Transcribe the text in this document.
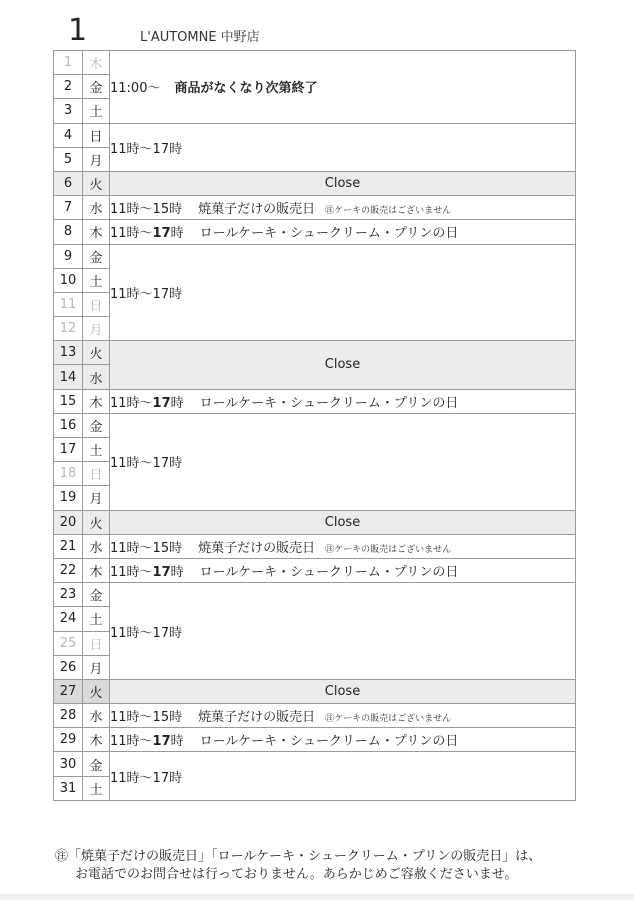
1	L'AUTOMNE 中野店
1	木	11:00〜 商品がなくなり次第終了
2	金	
3	土	
4	日	11時〜17時
5	月	
6	火	Close
7	水	11時〜15時 焼菓子だけの販売日 ㊟ケーキの販売はございません
8	木	11時〜17時 ロールケーキ・シュークリーム・プリンの日
9	金	11時〜17時
10	土	
11	日	
12	月	
13	火	Close
14	水	
15	木	11時〜17時 ロールケーキ・シュークリーム・プリンの日
16	金	11時〜17時
17	土	
18	日	
19	月	
20	火	Close
21	水	11時〜15時 焼菓子だけの販売日 ㊟ケーキの販売はございません
22	木	11時〜17時 ロールケーキ・シュークリーム・プリンの日
23	金	11時〜17時
24	土	
25	日	
26	月	
27	火	Close
28	水	11時〜15時 焼菓子だけの販売日 ㊟ケーキの販売はございません
29	木	11時〜17時 ロールケーキ・シュークリーム・プリンの日
30	金	11時〜17時
31	土	
㊟「焼菓子だけの販売日」「ロールケーキ・シュークリーム・プリンの販売日」は、
お電話でのお問合せは行っておりません。あらかじめご容赦くださいませ。
